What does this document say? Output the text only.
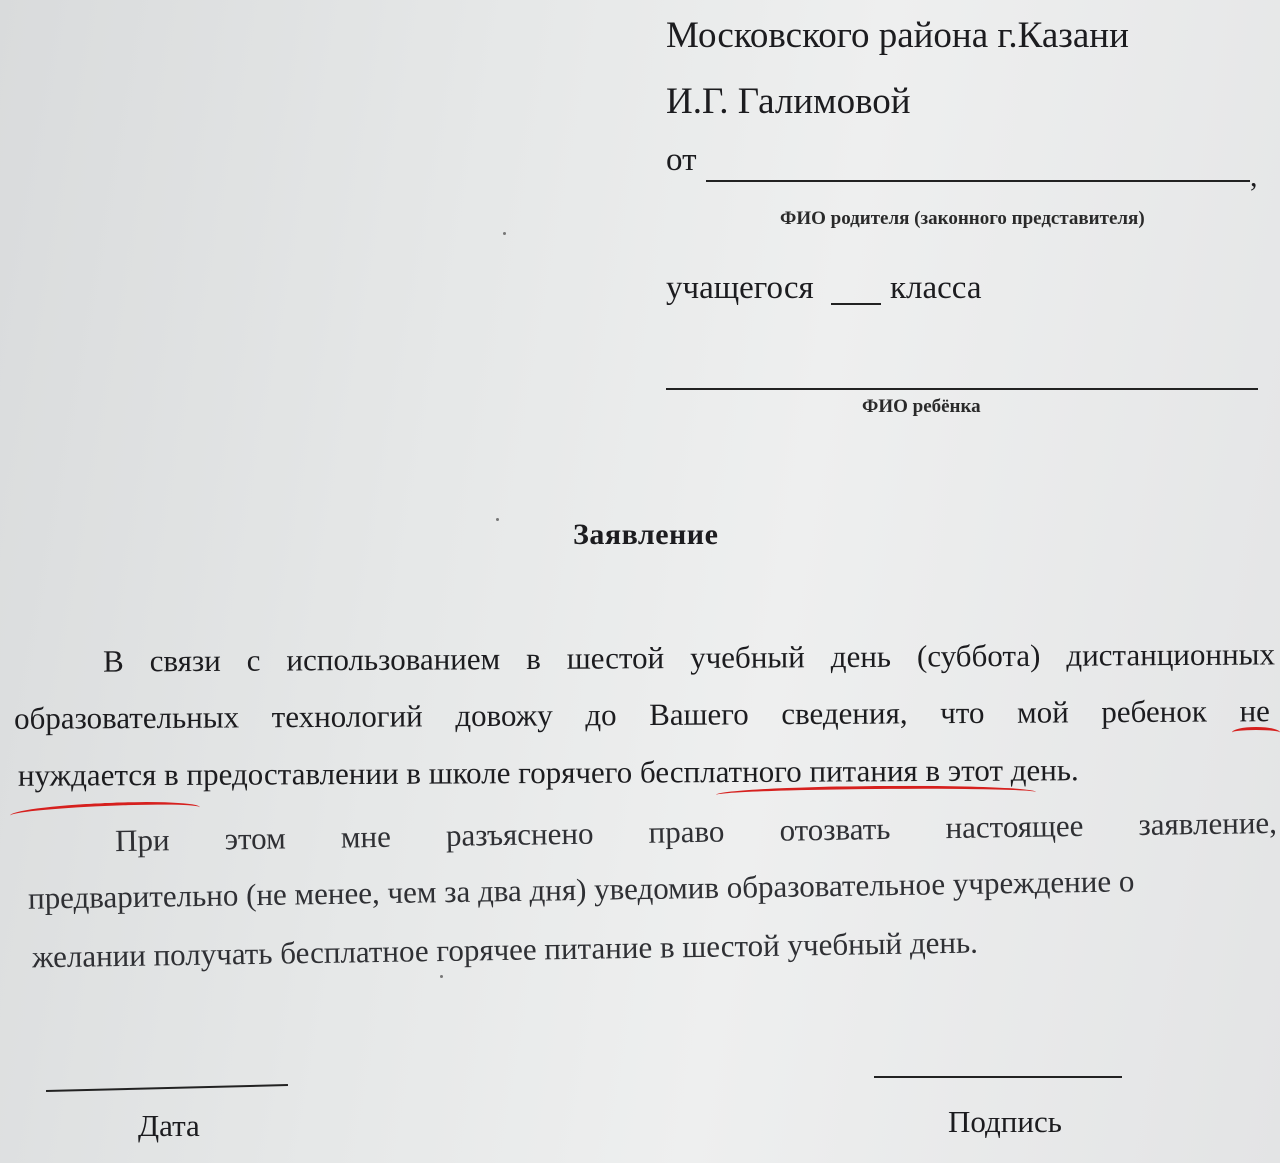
Московского района г.Казани
И.Г. Галимовой
от	,
ФИО родителя (законного представителя)
учащегося класса
ФИО ребёнка
Заявление
В связи с использованием в шестой учебный день (суббота) дистанционных
образовательных технологий довожу до Вашего сведения, что мой ребенок не
нуждается в предоставлении в школе горячего бесплатного питания в этот день.
При этом мне разъяснено право отозвать настоящее заявление,
предварительно (не менее, чем за два дня) уведомив образовательное учреждение о
желании получать бесплатное горячее питание в шестой учебный день.
Дата	Подпись
